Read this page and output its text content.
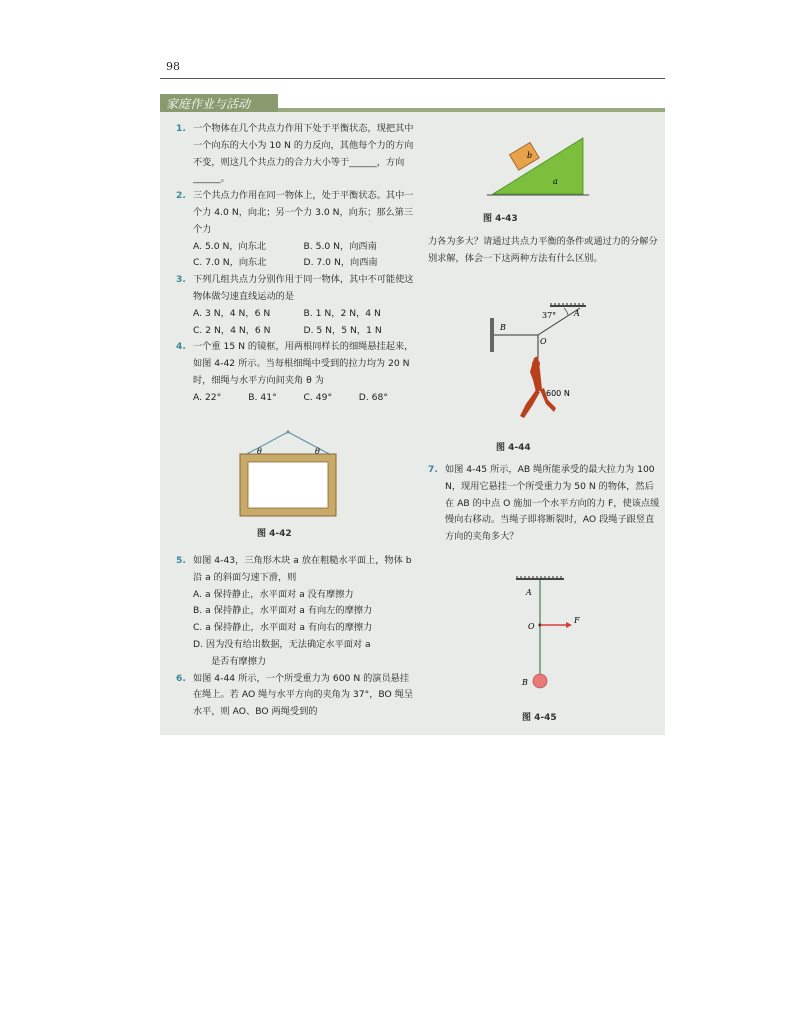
98
家庭作业与活动
1. 一个物体在几个共点力作用下处于平衡状态，现把其中一个向东的大小为 10 N 的力反向，其他每个力的方向不变，则这几个共点力的合力大小等于______，方向______。
2. 三个共点力作用在同一物体上，处于平衡状态。其中一个力 4.0 N，向北；另一个力 3.0 N，向东；那么第三个力
A. 5.0 N，向东北	B. 5.0 N，向西南
C. 7.0 N，向东北	D. 7.0 N，向西南
3. 下列几组共点力分别作用于同一物体，其中不可能使这物体做匀速直线运动的是
A. 3 N，4 N，6 N	B. 1 N，2 N，4 N
C. 2 N，4 N，6 N	D. 5 N，5 N，1 N
4. 一个重 15 N 的镜框，用两根同样长的细绳悬挂起来，如图 4-42 所示。当每根细绳中受到的拉力均为 20 N 时，细绳与水平方向间夹角 θ 为
A. 22°	B. 41°	C. 49°	D. 68°
θ	θ
图 4-42
5. 如图 4-43，三角形木块 a 放在粗糙水平面上，物体 b 沿 a 的斜面匀速下滑，则
A. a 保持静止，水平面对 a 没有摩擦力
B. a 保持静止，水平面对 a 有向左的摩擦力
C. a 保持静止，水平面对 a 有向右的摩擦力
D. 因为没有给出数据，无法确定水平面对 a
是否有摩擦力
6. 如图 4-44 所示，一个所受重力为 600 N 的演员悬挂在绳上。若 AO 绳与水平方向的夹角为 37°，BO 绳呈水平，则 AO、BO 两绳受到的
b
a
图 4-43
力各为多大？请通过共点力平衡的条件或通过力的分解分别求解，体会一下这两种方法有什么区别。
37° A
B
O
600 N
图 4-44
7. 如图 4-45 所示，AB 绳所能承受的最大拉力为 100 N，现用它悬挂一个所受重力为 50 N 的物体，然后在 AB 的中点 O 施加一个水平方向的力 F，使该点缓慢向右移动。当绳子即将断裂时，AO 段绳子跟竖直方向的夹角多大？
A
O
F
B
图 4-45
